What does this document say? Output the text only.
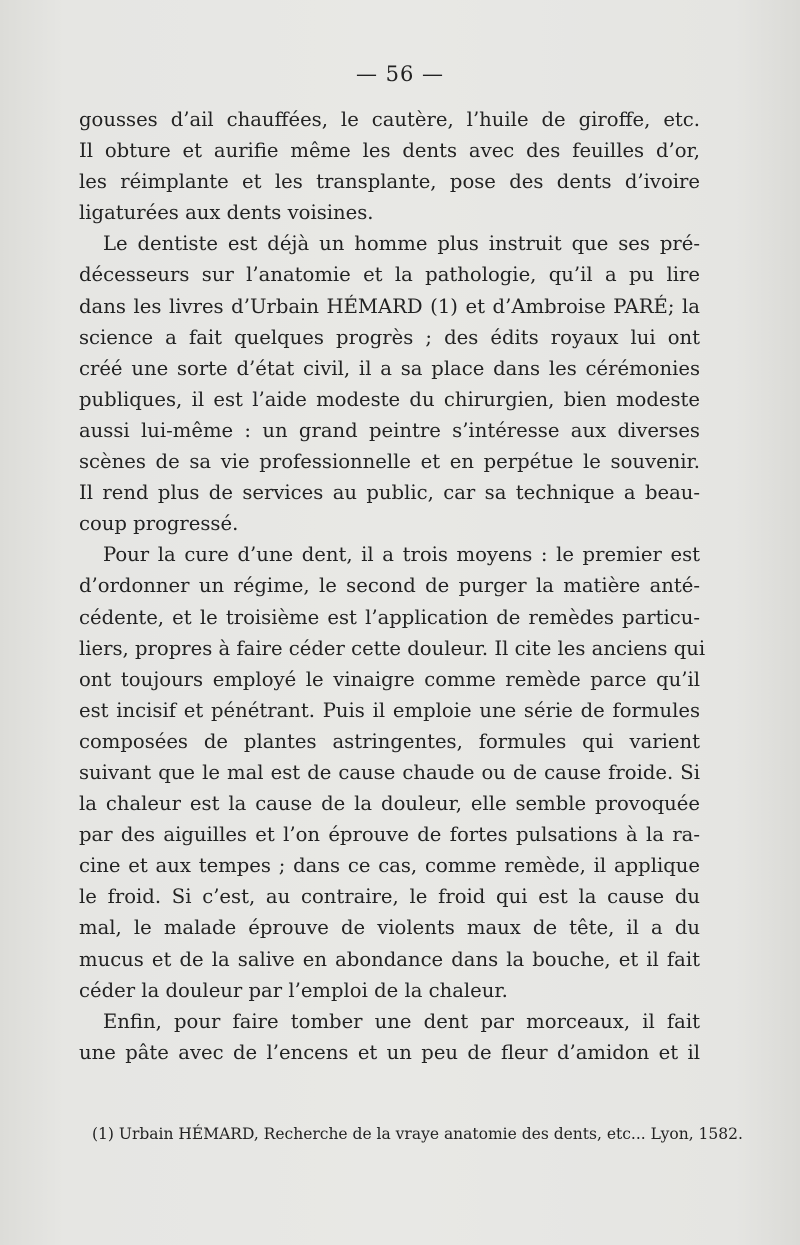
— 56 —
gousses d’ail chauffées, le cautère, l’huile de giroffe, etc.
Il obture et aurifie même les dents avec des feuilles d’or,
les réimplante et les transplante, pose des dents d’ivoire
ligaturées aux dents voisines.
Le dentiste est déjà un homme plus instruit que ses pré-
décesseurs sur l’anatomie et la pathologie, qu’il a pu lire
dans les livres d’Urbain HÉMARD (1) et d’Ambroise PARÉ; la
science a fait quelques progrès ; des édits royaux lui ont
créé une sorte d’état civil, il a sa place dans les cérémonies
publiques, il est l’aide modeste du chirurgien, bien modeste
aussi lui-même : un grand peintre s’intéresse aux diverses
scènes de sa vie professionnelle et en perpétue le souvenir.
Il rend plus de services au public, car sa technique a beau-
coup progressé.
Pour la cure d’une dent, il a trois moyens : le premier est
d’ordonner un régime, le second de purger la matière anté-
cédente, et le troisième est l’application de remèdes particu-
liers, propres à faire céder cette douleur. Il cite les anciens qui
ont toujours employé le vinaigre comme remède parce qu’il
est incisif et pénétrant. Puis il emploie une série de formules
composées de plantes astringentes, formules qui varient
suivant que le mal est de cause chaude ou de cause froide. Si
la chaleur est la cause de la douleur, elle semble provoquée
par des aiguilles et l’on éprouve de fortes pulsations à la ra-
cine et aux tempes ; dans ce cas, comme remède, il applique
le froid. Si c’est, au contraire, le froid qui est la cause du
mal, le malade éprouve de violents maux de tête, il a du
mucus et de la salive en abondance dans la bouche, et il fait
céder la douleur par l’emploi de la chaleur.
Enfin, pour faire tomber une dent par morceaux, il fait
une pâte avec de l’encens et un peu de fleur d’amidon et il
(1) Urbain HÉMARD, Recherche de la vraye anatomie des dents, etc... Lyon, 1582.
